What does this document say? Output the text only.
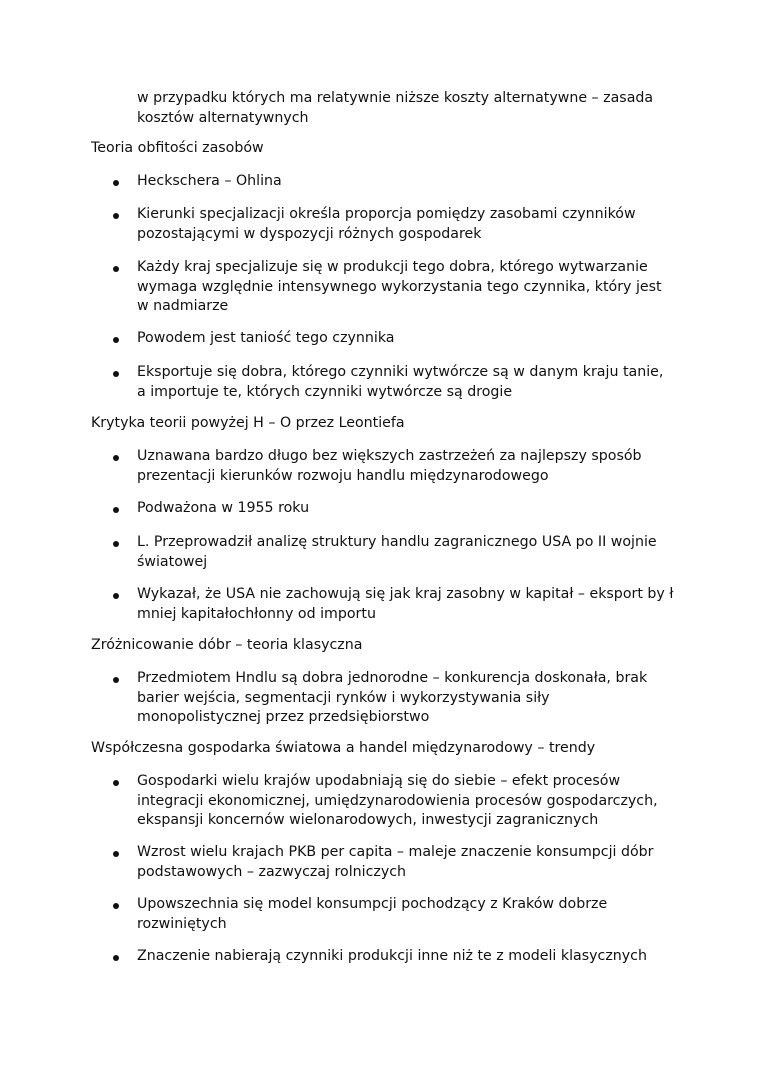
w przypadku których ma relatywnie niższe koszty alternatywne – zasada
kosztów alternatywnych
Teoria obfitości zasobów
Heckschera – Ohlina
Kierunki specjalizacji określa proporcja pomiędzy zasobami czynników
pozostającymi w dyspozycji różnych gospodarek
Każdy kraj specjalizuje się w produkcji tego dobra, którego wytwarzanie
wymaga względnie intensywnego wykorzystania tego czynnika, który jest
w nadmiarze
Powodem jest taniość tego czynnika
Eksportuje się dobra, którego czynniki wytwórcze są w danym kraju tanie,
a importuje te, których czynniki wytwórcze są drogie
Krytyka teorii powyżej H – O przez Leontiefa
Uznawana bardzo długo bez większych zastrzeżeń za najlepszy sposób
prezentacji kierunków rozwoju handlu międzynarodowego
Podważona w 1955 roku
L. Przeprowadził analizę struktury handlu zagranicznego USA po II wojnie
światowej
Wykazał, że USA nie zachowują się jak kraj zasobny w kapitał – eksport by ł
mniej kapitałochłonny od importu
Zróżnicowanie dóbr – teoria klasyczna
Przedmiotem Hndlu są dobra jednorodne – konkurencja doskonała, brak
barier wejścia, segmentacji rynków i wykorzystywania siły
monopolistycznej przez przedsiębiorstwo
Współczesna gospodarka światowa a handel międzynarodowy – trendy
Gospodarki wielu krajów upodabniają się do siebie – efekt procesów
integracji ekonomicznej, umiędzynarodowienia procesów gospodarczych,
ekspansji koncernów wielonarodowych, inwestycji zagranicznych
Wzrost wielu krajach PKB per capita – maleje znaczenie konsumpcji dóbr
podstawowych – zazwyczaj rolniczych
Upowszechnia się model konsumpcji pochodzący z Kraków dobrze
rozwiniętych
Znaczenie nabierają czynniki produkcji inne niż te z modeli klasycznych
